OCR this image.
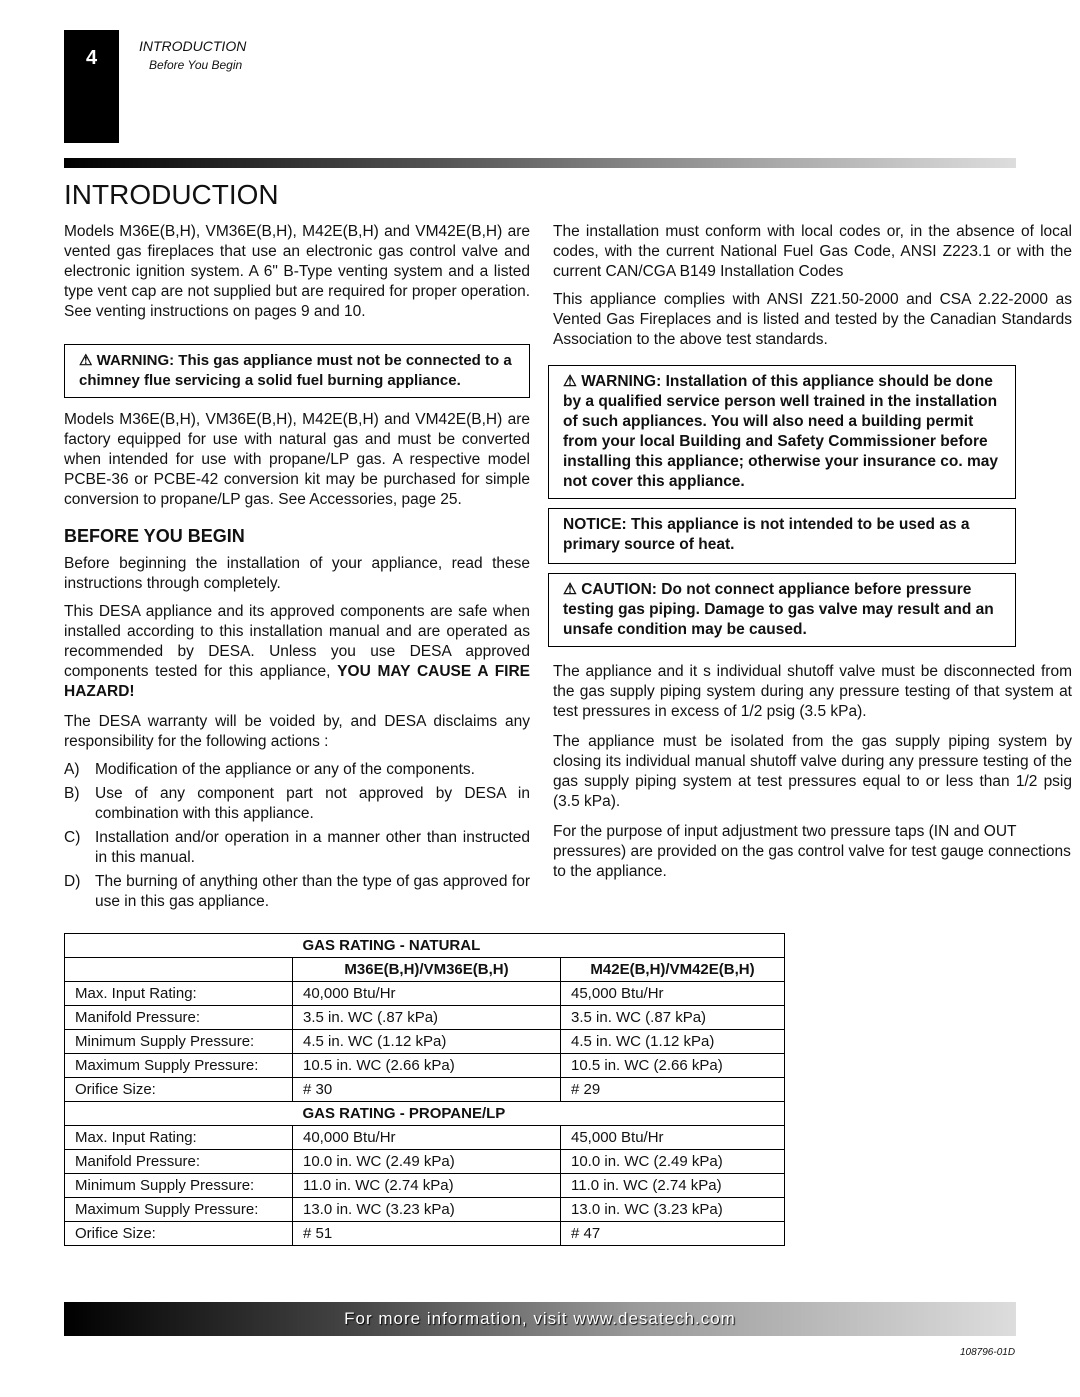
4
INTRODUCTION
Before You Begin
INTRODUCTION

Models M36E(B,H), VM36E(B,H), M42E(B,H) and VM42E(B,H) are vented gas fireplaces that use an electronic gas control valve and electronic ignition system. A 6" B-Type venting system and a listed type vent cap are not supplied but are required for proper operation. See venting instructions on pages 9 and 10.

⚠ WARNING: This gas appliance must not be connected to a chimney flue servicing a solid fuel burning appliance.

Models M36E(B,H), VM36E(B,H), M42E(B,H) and VM42E(B,H) are factory equipped for use with natural gas and must be converted when intended for use with propane/LP gas. A respective model PCBE-36 or PCBE-42 conversion kit may be purchased for simple conversion to propane/LP gas. See Accessories, page 25.

BEFORE YOU BEGIN

Before beginning the installation of your appliance, read these instructions through completely.

This DESA appliance and its approved components are safe when installed according to this installation manual and are operated as recommended by DESA. Unless you use DESA approved components tested for this appliance, YOU MAY CAUSE A FIRE HAZARD!

The DESA warranty will be voided by, and DESA disclaims any responsibility for the following actions :

A)	Modification of the appliance or any of the components.
B)	Use of any component part not approved by DESA in combination with this appliance.
C) Installation and/or operation in a manner other than instructed in this manual.
D) The burning of anything other than the type of gas approved for use in this gas appliance.

The installation must conform with local codes or, in the absence of local codes, with the current National Fuel Gas Code, ANSI Z223.1 or with the current CAN/CGA B149 Installation Codes

This appliance complies with ANSI Z21.50-2000 and CSA 2.22-2000 as Vented Gas Fireplaces and is listed and tested by the Canadian Standards Association to the above test standards.

⚠ WARNING: Installation of this appliance should be done by a qualified service person well trained in the installation of such appliances. You will also need a building permit from your local Building and Safety Commissioner before installing this appliance; otherwise your insurance co. may not cover this appliance.
NOTICE: This appliance is not intended to be used as a primary source of heat.
⚠ CAUTION: Do not connect appliance before pressure testing gas piping. Damage to gas valve may result and an unsafe condition may be caused.

The appliance and it s individual shutoff valve must be disconnected from the gas supply piping system during any pressure testing of that system at test pressures in excess of 1/2 psig (3.5 kPa).

The appliance must be isolated from the gas supply piping system by closing its individual manual shutoff valve during any pressure testing of the gas supply piping system at test pressures equal to or less than 1/2 psig (3.5 kPa).

For the purpose of input adjustment two pressure taps (IN and OUT pressures) are provided on the gas control valve for test gauge connections to the appliance.

	GAS RATING - NATURAL	
	M36E(B,H)/VM36E(B,H)	M42E(B,H)/VM42E(B,H)
Max. Input Rating:	40,000 Btu/Hr	45,000 Btu/Hr
Manifold Pressure:	3.5 in. WC (.87 kPa)	3.5 in. WC (.87 kPa)
Minimum Supply Pressure:	4.5 in. WC (1.12 kPa)	4.5 in. WC (1.12 kPa)
Maximum Supply Pressure:	10.5 in. WC (2.66 kPa)	10.5 in. WC (2.66 kPa)
Orifice Size:	# 30	# 29
	GAS RATING - PROPANE/LP	
Max. Input Rating:	40,000 Btu/Hr	45,000 Btu/Hr
Manifold Pressure:	10.0 in. WC (2.49 kPa)	10.0 in. WC (2.49 kPa)
Minimum Supply Pressure:	11.0 in. WC (2.74 kPa)	11.0 in. WC (2.74 kPa)
Maximum Supply Pressure:	13.0 in. WC (3.23 kPa)	13.0 in. WC (3.23 kPa)
Orifice Size:	# 51	# 47
For more information, visit www.desatech.com
108796-01D
